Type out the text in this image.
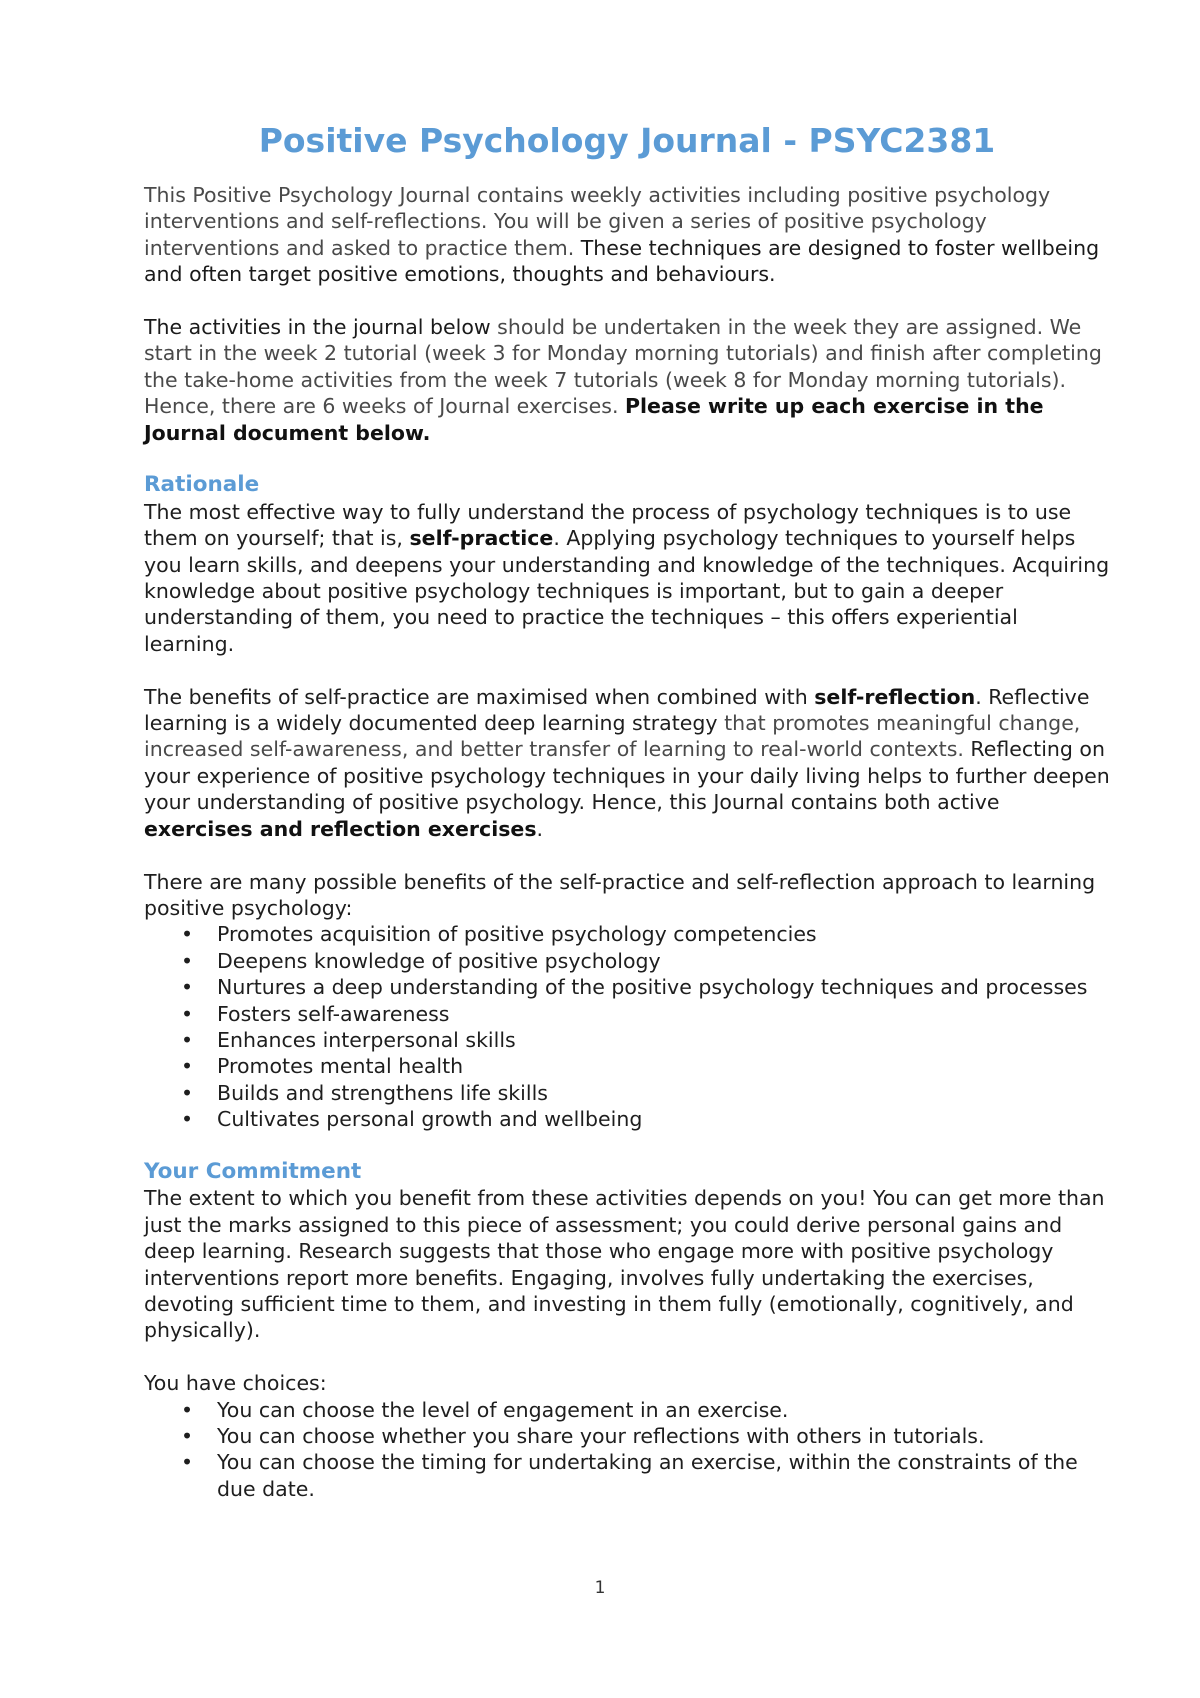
Positive Psychology Journal - PSYC2381

This Positive Psychology Journal contains weekly activities including positive psychology interventions and self-reflections. You will be given a series of positive psychology interventions and asked to practice them. These techniques are designed to foster wellbeing and often target positive emotions, thoughts and behaviours.

The activities in the journal below should be undertaken in the week they are assigned. We start in the week 2 tutorial (week 3 for Monday morning tutorials) and finish after completing the take-home activities from the week 7 tutorials (week 8 for Monday morning tutorials). Hence, there are 6 weeks of Journal exercises. Please write up each exercise in the Journal document below.

Rationale

The most effective way to fully understand the process of psychology techniques is to use them on yourself; that is, self-practice. Applying psychology techniques to yourself helps you learn skills, and deepens your understanding and knowledge of the techniques. Acquiring knowledge about positive psychology techniques is important, but to gain a deeper understanding of them, you need to practice the techniques – this offers experiential learning.

The benefits of self-practice are maximised when combined with self-reflection. Reflective learning is a widely documented deep learning strategy that promotes meaningful change, increased self-awareness, and better transfer of learning to real-world contexts. Reflecting on your experience of positive psychology techniques in your daily living helps to further deepen your understanding of positive psychology. Hence, this Journal contains both active exercises and reflection exercises.

There are many possible benefits of the self-practice and self-reflection approach to learning positive psychology:

• Promotes acquisition of positive psychology competencies
• Deepens knowledge of positive psychology
• Nurtures a deep understanding of the positive psychology techniques and processes
• Fosters self-awareness
• Enhances interpersonal skills
• Promotes mental health
• Builds and strengthens life skills
• Cultivates personal growth and wellbeing
Your Commitment

The extent to which you benefit from these activities depends on you! You can get more than just the marks assigned to this piece of assessment; you could derive personal gains and deep learning. Research suggests that those who engage more with positive psychology interventions report more benefits. Engaging, involves fully undertaking the exercises, devoting sufficient time to them, and investing in them fully (emotionally, cognitively, and physically).

You have choices:

• You can choose the level of engagement in an exercise.
• You can choose whether you share your reflections with others in tutorials.
• You can choose the timing for undertaking an exercise, within the constraints of the due date.
1
